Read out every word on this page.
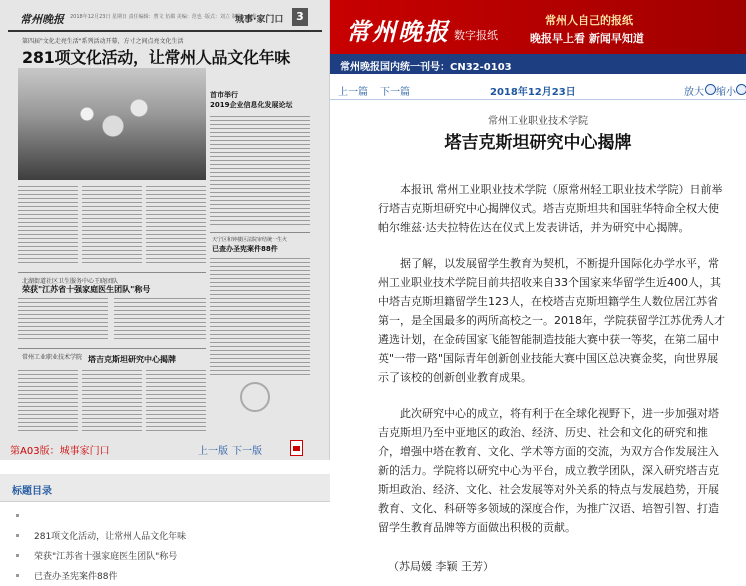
常州晚报 2018年12月23日 星期日 责任编辑：曹文 伍媚 美编：范也 ·版式：刘立 制作：李莉
城事·家门口	3
第四届"文化走亮生活"系列活动开幕，方寸之间点亮文化生活
281项文化活动，让常州人品文化年味
首市举行
2019企业信息化发展论坛
北湖街道社区卫生服务中心王晓团队
荣获"江苏省十强家庭医生团队"称号
天宁区和钟楼区法院审结统一生火
已查办圣宪案件88件
常州工业职业技术学院 塔吉克斯坦研究中心揭牌
第A03版：城事家门口	上一版 下一版
标题目录
281项文化活动，让常州人品文化年味
荣获"江苏省十强家庭医生团队"称号
已查办圣宪案件88件
常州晚报 数字报纸
常州人自己的报纸
晚报早上看 新闻早知道
常州晚报国内统一刊号：CN32-0103
上一篇 下一篇	2018年12月23日	放大 缩小
常州工业职业技术学院
塔吉克斯坦研究中心揭牌

本报讯 常州工业职业技术学院（原常州轻工职业技术学院）日前举行塔吉克斯坦研究中心揭牌仪式。塔吉克斯坦共和国驻华特命全权大使帕尔维兹·达夫拉特佐达在仪式上发表讲话，并为研究中心揭牌。

据了解，以发展留学生教育为契机，不断提升国际化办学水平，常州工业职业技术学院目前共招收来自33个国家来华留学生近400人，其中塔吉克斯坦籍留学生123人，在校塔吉克斯坦籍学生人数位居江苏省第一，是全国最多的两所高校之一。2018年，学院获留学江苏优秀人才遴选计划，在金砖国家飞能智能制造技能大赛中获一等奖，在第二届中英"一带一路"国际青年创新创业技能大赛中国区总决赛金奖，向世界展示了该校的创新创业教育成果。

此次研究中心的成立，将有利于在全球化视野下，进一步加强对塔吉克斯坦乃至中亚地区的政治、经济、历史、社会和文化的研究和推介，增强中塔在教育、文化、学术等方面的交流，为双方合作发展注入新的活力。学院将以研究中心为平台，成立教学团队，深入研究塔吉克斯坦政治、经济、文化、社会发展等对外关系的特点与发展趋势，开展教育、文化、科研等多领域的深度合作，为推广汉语、培智引智、打造留学生教育品牌等方面做出积极的贡献。

（苏局媛 李颖 王芳）
